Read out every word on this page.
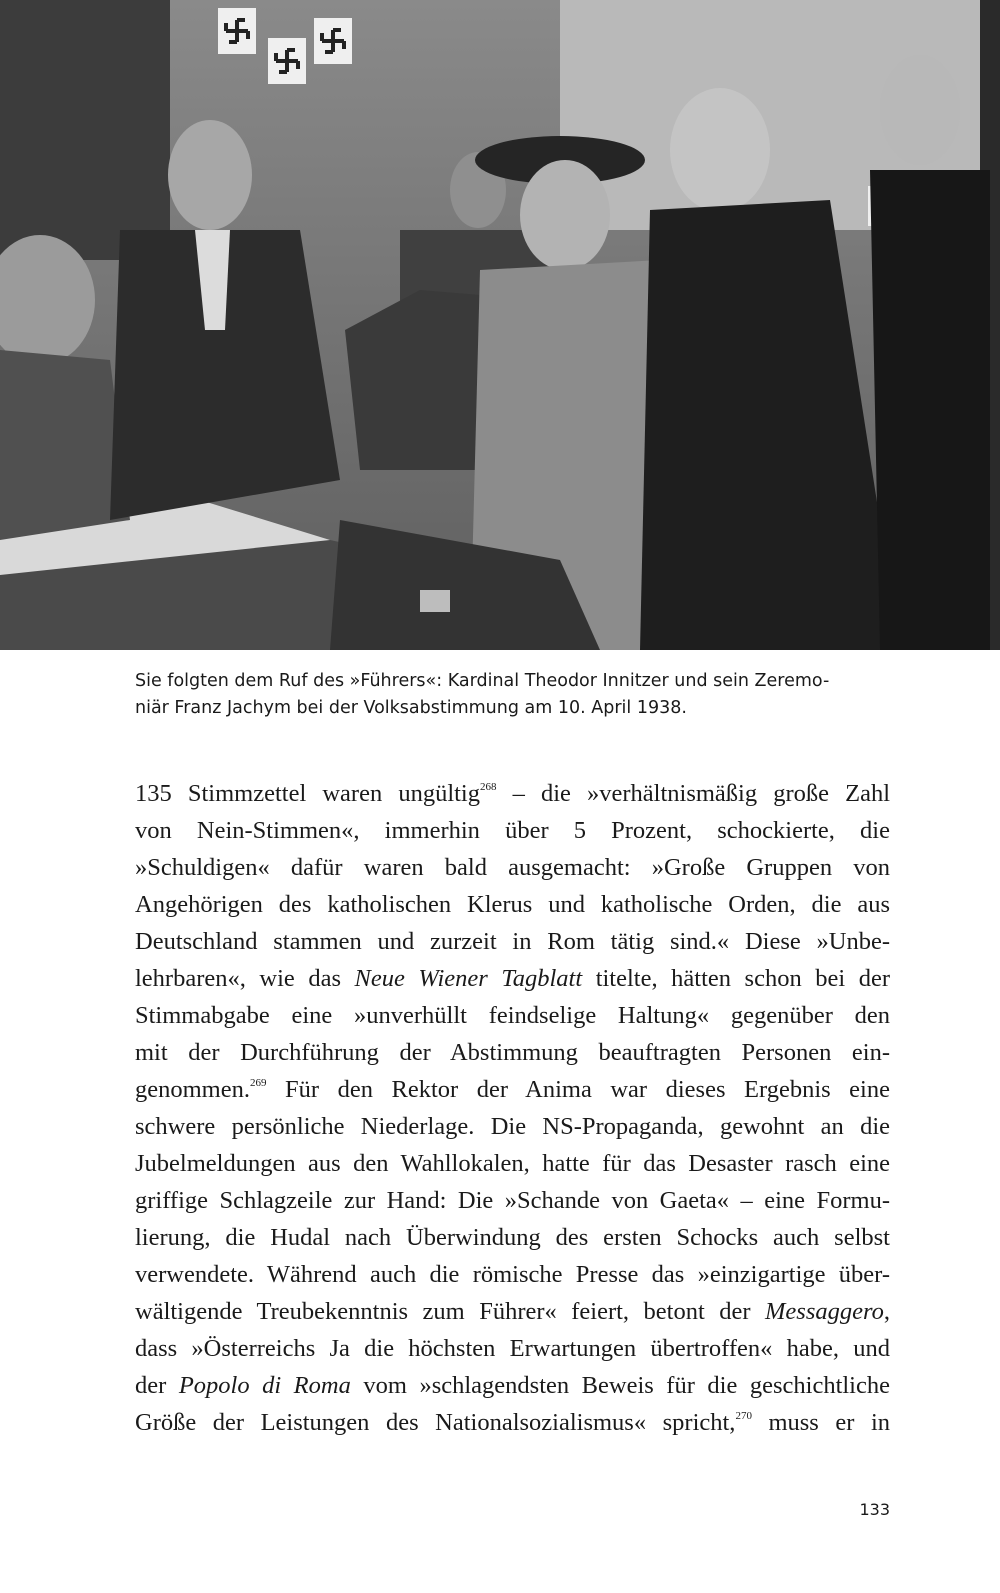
Sie folgten dem Ruf des »Führers«: Kardinal Theodor Innitzer und sein Zeremo-
niär Franz Jachym bei der Volksabstimmung am 10. April 1938.
135 Stimmzettel waren ungültig$^{268}$ – die »verhältnismäßig große Zahl
von Nein-Stimmen«, immerhin über 5 Prozent, schockierte, die
»Schuldigen« dafür waren bald ausgemacht: »Große Gruppen von
Angehörigen des katholischen Klerus und katholische Orden, die aus
Deutschland stammen und zurzeit in Rom tätig sind.« Diese »Unbe-
lehrbaren«, wie das Neue Wiener Tagblatt titelte, hätten schon bei der
Stimmabgabe eine »unverhüllt feindselige Haltung« gegenüber den
mit der Durchführung der Abstimmung beauftragten Personen ein-
genommen.$^{269}$ Für den Rektor der Anima war dieses Ergebnis eine
schwere persönliche Niederlage. Die NS-Propaganda, gewohnt an die
Jubelmeldungen aus den Wahllokalen, hatte für das Desaster rasch eine
griffige Schlagzeile zur Hand: Die »Schande von Gaeta« – eine Formu-
lierung, die Hudal nach Überwindung des ersten Schocks auch selbst
verwendete. Während auch die römische Presse das »einzigartige über-
wältigende Treubekenntnis zum Führer« feiert, betont der Messaggero,
dass »Österreichs Ja die höchsten Erwartungen übertroffen« habe, und
der Popolo di Roma vom »schlagendsten Beweis für die geschichtliche
Größe der Leistungen des Nationalsozialismus« spricht,$^{270}$ muss er in
133
